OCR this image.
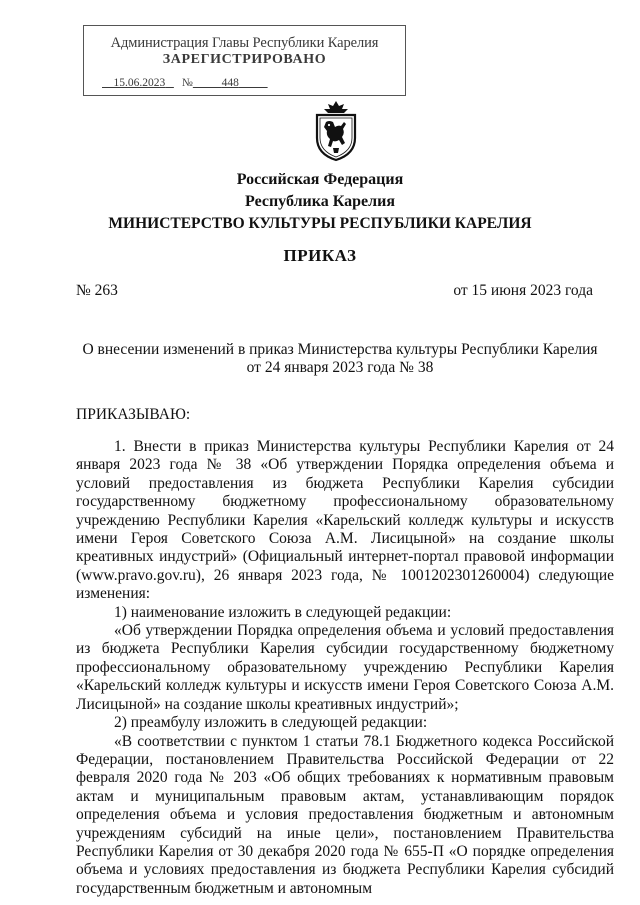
Администрация Главы Республики Карелия
ЗАРЕГИСТРИРОВАНО
15.06.2023 №	448
Российская Федерация
Республика Карелия
МИНИСТЕРСТВО КУЛЬТУРЫ РЕСПУБЛИКИ КАРЕЛИЯ
ПРИКАЗ
№ 263	от 15 июня 2023 года
О внесении изменений в приказ Министерства культуры Республики Карелия
от 24 января 2023 года № 38
ПРИКАЗЫВАЮ:

1. Внести в приказ Министерства культуры Республики Карелия от 24 января 2023 года № 38 «Об утверждении Порядка определения объема и условий предоставления из бюджета Республики Карелия субсидии государственному бюджетному профессиональному образовательному учреждению Республики Карелия «Карельский колледж культуры и искусств имени Героя Советского Союза А.М. Лисицыной» на создание школы креативных индустрий» (Официальный интернет-портал правовой информации (www.pravo.gov.ru), 26 января 2023 года, № 1001202301260004) следующие изменения:

1) наименование изложить в следующей редакции:

«Об утверждении Порядка определения объема и условий предоставления из бюджета Республики Карелия субсидии государственному бюджетному профессиональному образовательному учреждению Республики Карелия «Карельский колледж культуры и искусств имени Героя Советского Союза А.М. Лисицыной» на создание школы креативных индустрий»;

2) преамбулу изложить в следующей редакции:

«В соответствии с пунктом 1 статьи 78.1 Бюджетного кодекса Российской Федерации, постановлением Правительства Российской Федерации от 22 февраля 2020 года № 203 «Об общих требованиях к нормативным правовым актам и муниципальным правовым актам, устанавливающим порядок определения объема и условия предоставления бюджетным и автономным учреждениям субсидий на иные цели», постановлением Правительства Республики Карелия от 30 декабря 2020 года № 655-П «О порядке определения объема и условиях предоставления из бюджета Республики Карелия субсидий государственным бюджетным и автономным
